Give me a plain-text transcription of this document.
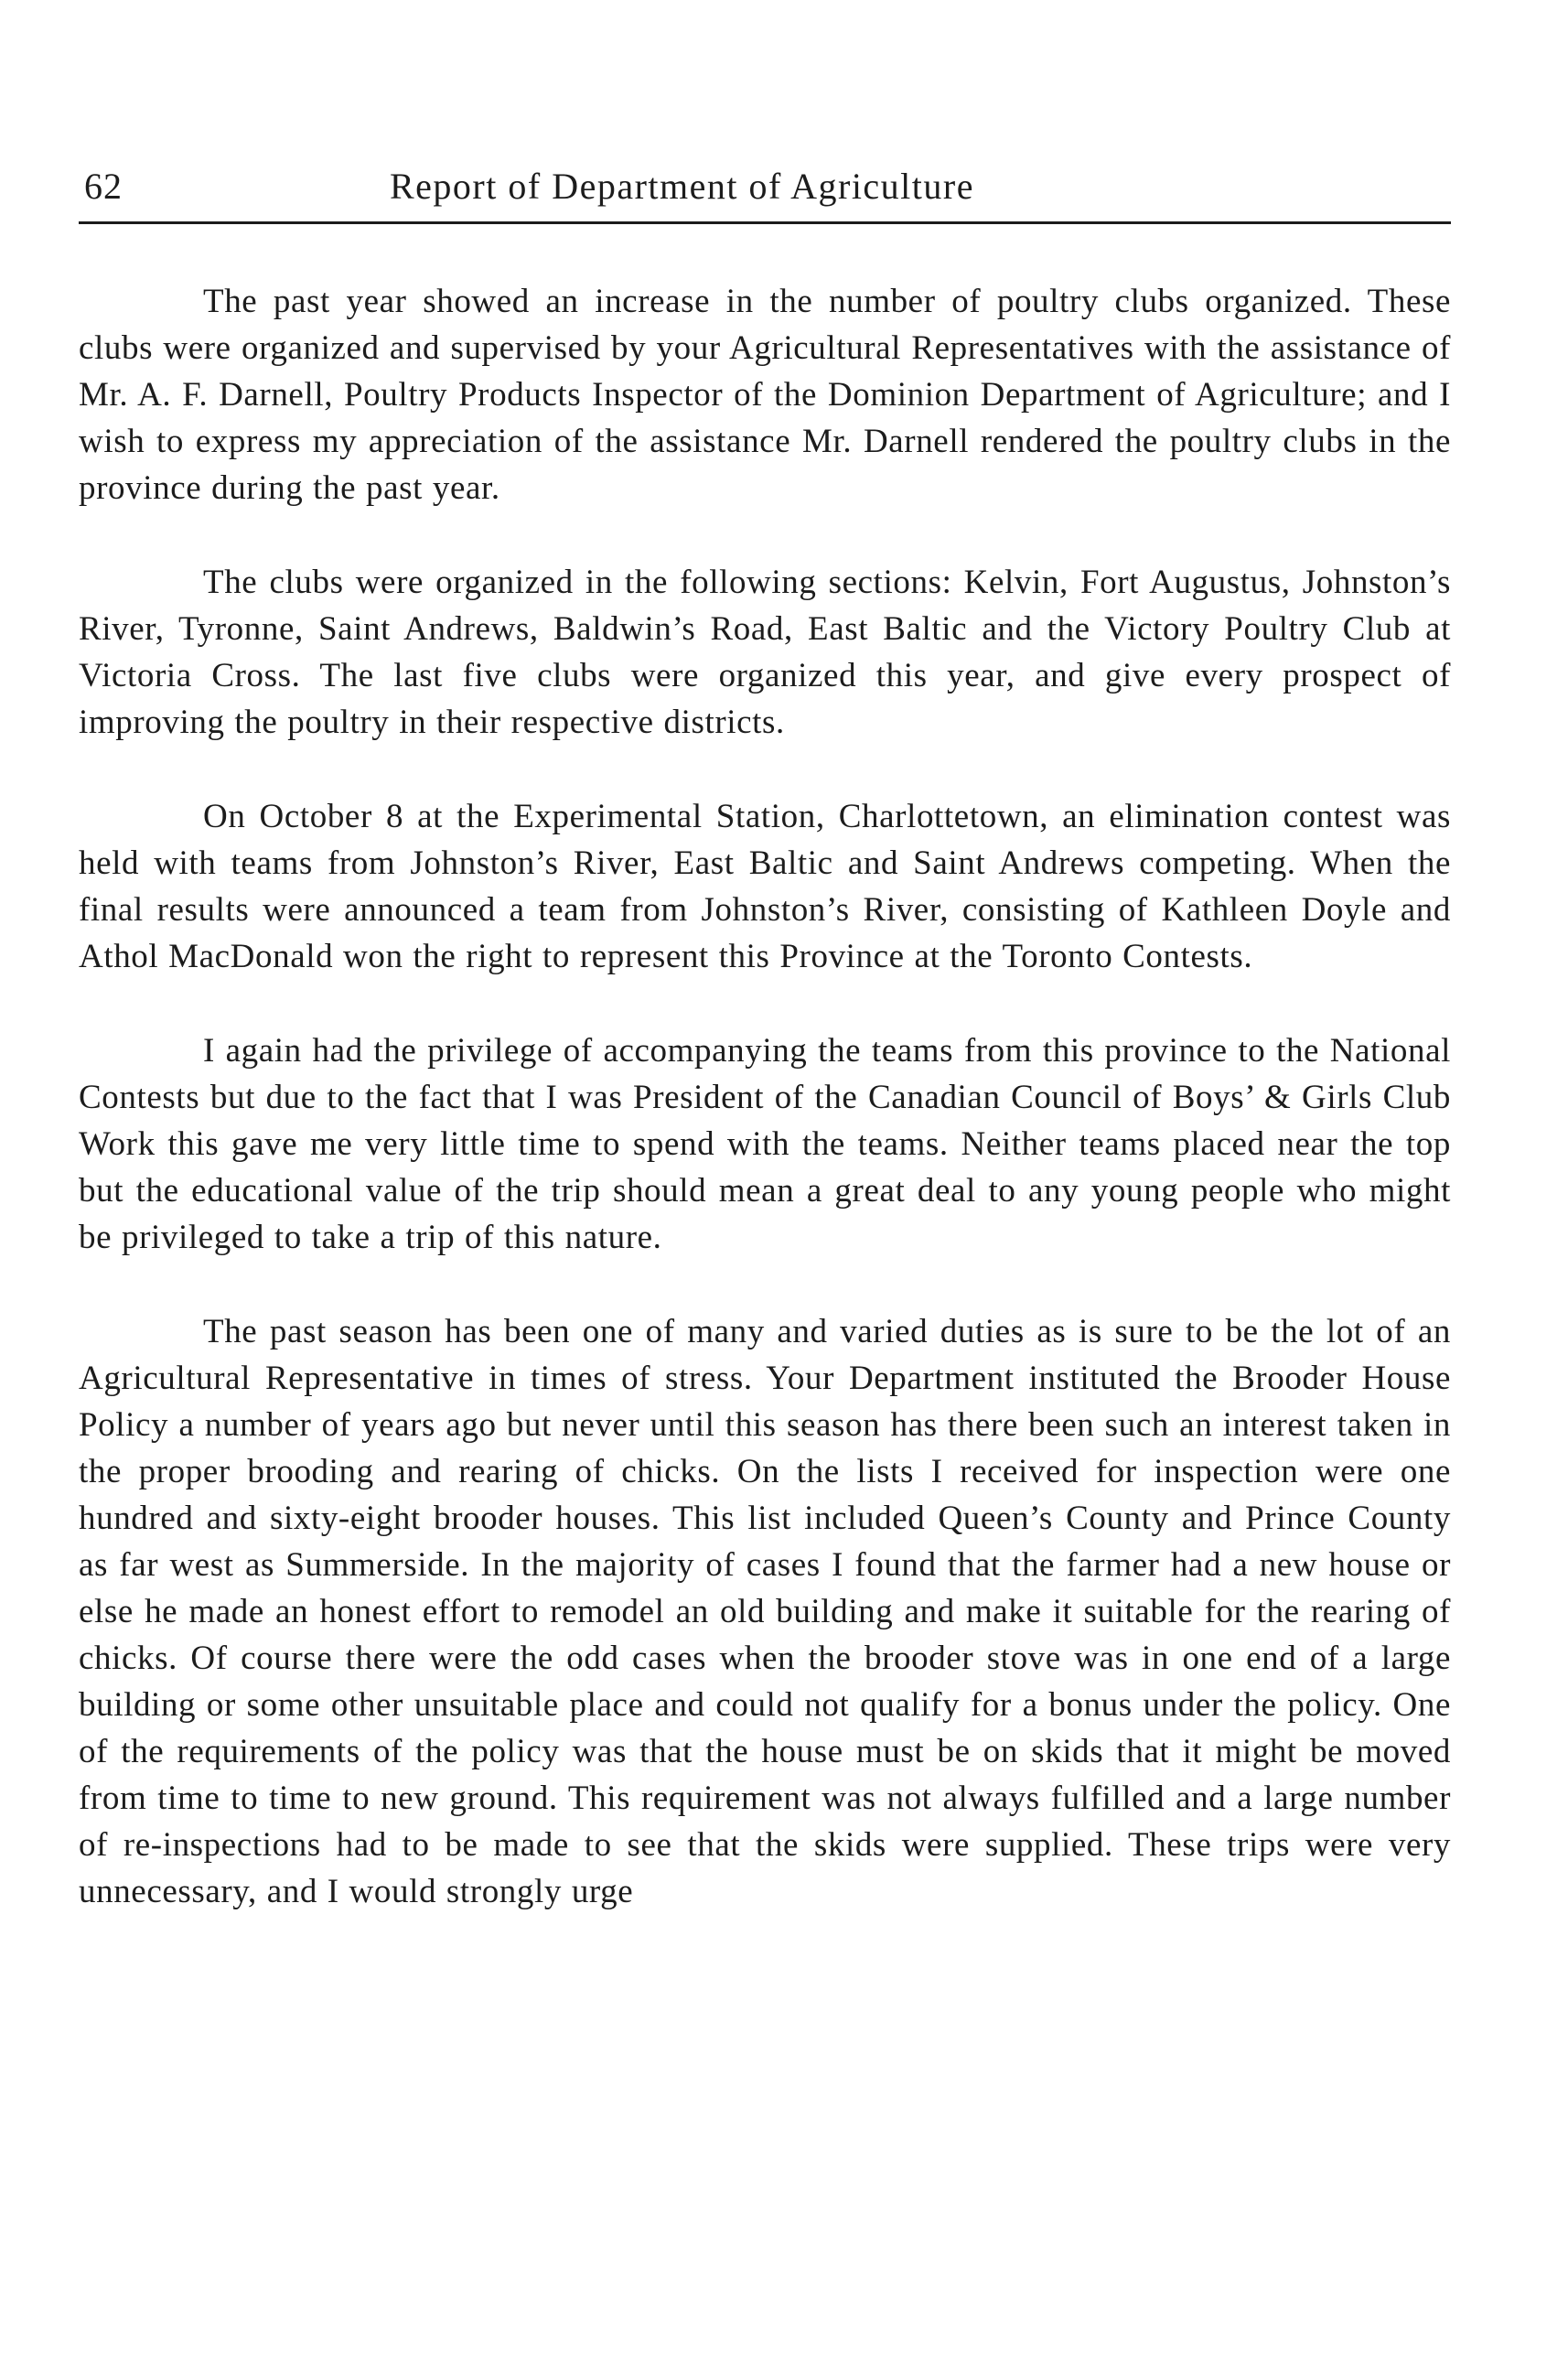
62	Report of Department of Agriculture

The past year showed an increase in the number of poultry clubs organized. These clubs were organized and supervised by your Agricultural Representatives with the assistance of Mr. A. F. Darnell, Poultry Products Inspector of the Dominion Department of Agriculture; and I wish to express my appreciation of the assistance Mr. Darnell rendered the poultry clubs in the province during the past year.

The clubs were organized in the following sections: Kelvin, Fort Augustus, Johnston’s River, Tyronne, Saint Andrews, Baldwin’s Road, East Baltic and the Victory Poultry Club at Victoria Cross. The last five clubs were organized this year, and give every prospect of improving the poultry in their respective districts.

On October 8 at the Experimental Station, Charlottetown, an elimination contest was held with teams from Johnston’s River, East Baltic and Saint Andrews competing. When the final results were announced a team from Johnston’s River, consisting of Kathleen Doyle and Athol MacDonald won the right to represent this Province at the Toronto Contests.

I again had the privilege of accompanying the teams from this province to the National Contests but due to the fact that I was President of the Canadian Council of Boys’ & Girls Club Work this gave me very little time to spend with the teams. Neither teams placed near the top but the educational value of the trip should mean a great deal to any young people who might be privileged to take a trip of this nature.

The past season has been one of many and varied duties as is sure to be the lot of an Agricultural Representative in times of stress. Your Department instituted the Brooder House Policy a number of years ago but never until this season has there been such an interest taken in the proper brooding and rearing of chicks. On the lists I received for inspection were one hundred and sixty-eight brooder houses. This list included Queen’s County and Prince County as far west as Summerside. In the majority of cases I found that the farmer had a new house or else he made an honest effort to remodel an old building and make it suitable for the rearing of chicks. Of course there were the odd cases when the brooder stove was in one end of a large building or some other unsuitable place and could not qualify for a bonus under the policy. One of the requirements of the policy was that the house must be on skids that it might be moved from time to time to new ground. This requirement was not always fulfilled and a large number of re-inspections had to be made to see that the skids were supplied. These trips were very unnecessary, and I would strongly urge
